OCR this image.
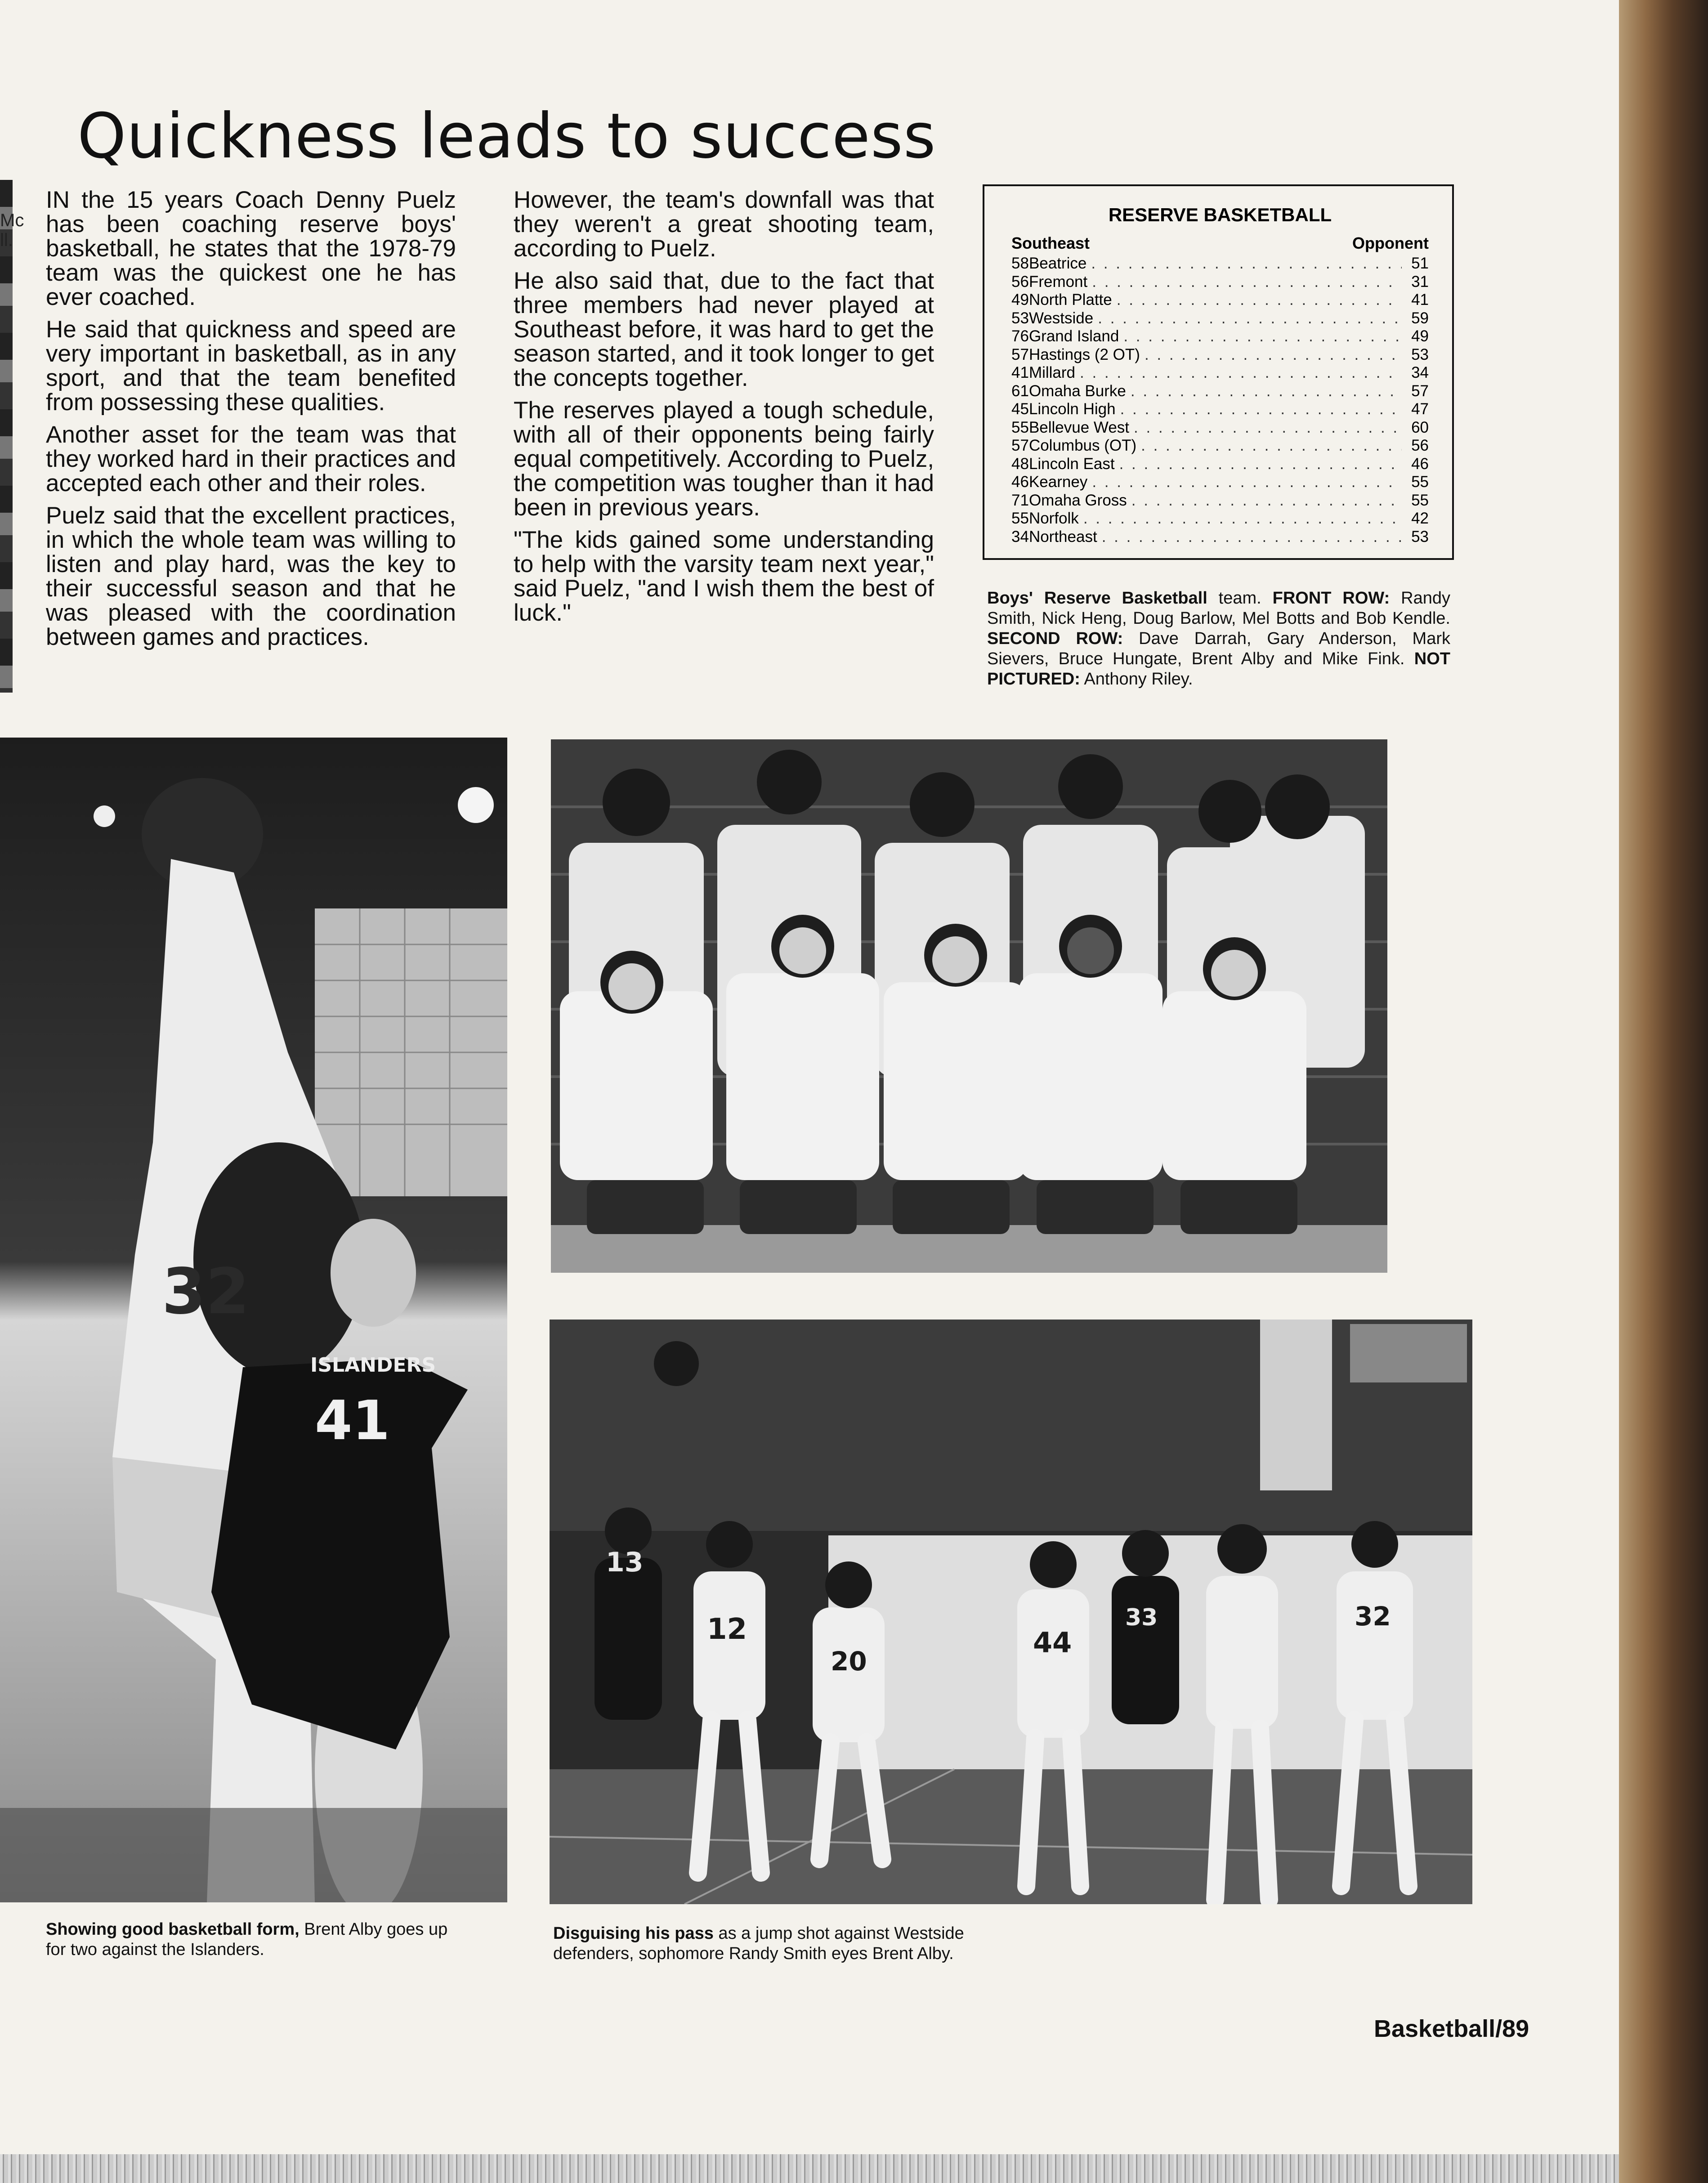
Mc
ll.
Quickness leads to success

IN the 15 years Coach Denny Puelz has been coaching reserve boys' basketball, he states that the 1978-79 team was the quickest one he has ever coached.

He said that quickness and speed are very important in basketball, as in any sport, and that the team benefited from possessing these qualities.

Another asset for the team was that they worked hard in their practices and accepted each other and their roles.

Puelz said that the excellent practices, in which the whole team was willing to listen and play hard, was the key to their successful season and that he was pleased with the coordination between games and practices.

However, the team's downfall was that they weren't a great shooting team, according to Puelz.

He also said that, due to the fact that three members had never played at Southeast before, it was hard to get the season started, and it took longer to get the concepts together.

The reserves played a tough schedule, with all of their opponents being fairly equal competitively. According to Puelz, the competition was tougher than it had been in previous years.

"The kids gained some understanding to help with the varsity team next year," said Puelz, "and I wish them the best of luck."

RESERVE BASKETBALL
Southeast	Opponent
58 Beatrice . . .	51
56 Fremont . . .	31
49 North Platte . . .	41
53 Westside . . .	59
76 Grand Island . . .	49
57 Hastings (2 OT) . . .	53
41 Millard . . .	34
61 Omaha Burke . . .	57
45 Lincoln High . . .	47
55 Bellevue West . . .	60
57 Columbus (OT) . . .	56
48 Lincoln East . . .	46
46 Kearney . . .	55
71 Omaha Gross . . .	55
55 Norfolk . . .	42
34 Northeast . . .	53
Boys' Reserve Basketball team. FRONT ROW: Randy Smith, Nick Heng, Doug Barlow, Mel Botts and Bob Kendle. SECOND ROW: Dave Darrah, Gary Anderson, Mark Sievers, Bruce Hungate, Brent Alby and Mike Fink. NOT PICTURED: Anthony Riley.
32
41
ISLANDERS
Showing good basketball form, Brent Alby goes up for two against the Islanders.
13
12
20
44
33	32
Disguising his pass as a jump shot against Westside defenders, sophomore Randy Smith eyes Brent Alby.
Basketball/89
